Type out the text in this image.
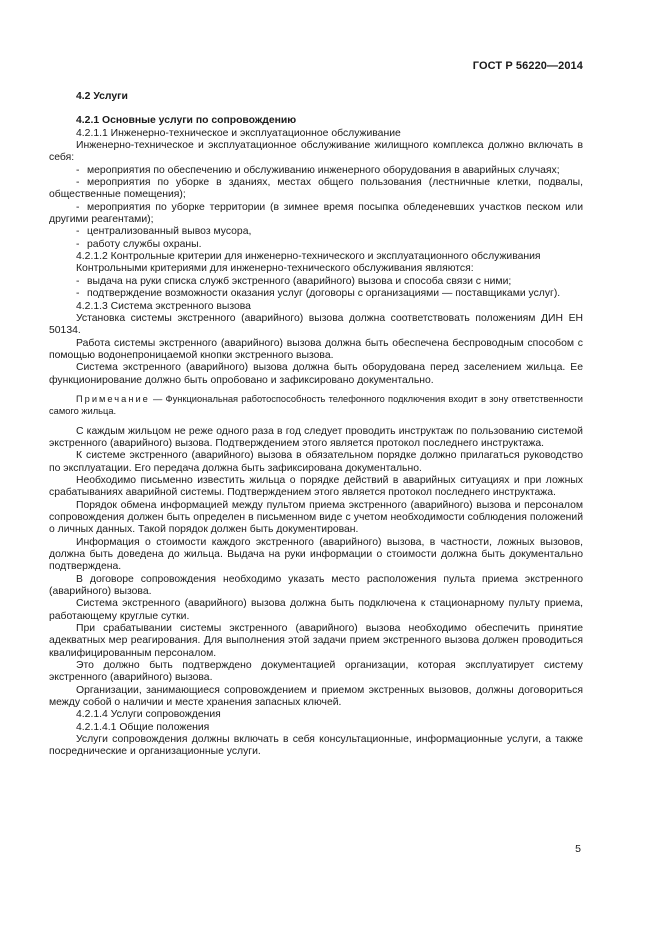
ГОСТ Р 56220—2014

4.2 Услуги

4.2.1 Основные услуги по сопровождению

4.2.1.1 Инженерно-техническое и эксплуатационное обслуживание

Инженерно-техническое и эксплуатационное обслуживание жилищного комплекса должно включать в себя:

- мероприятия по обеспечению и обслуживанию инженерного оборудования в аварийных случаях;

- мероприятия по уборке в зданиях, местах общего пользования (лестничные клетки, подвалы, общественные помещения);

- мероприятия по уборке территории (в зимнее время посыпка обледеневших участков песком или другими реагентами);

- централизованный вывоз мусора,

- работу службы охраны.

4.2.1.2 Контрольные критерии для инженерно-технического и эксплуатационного обслуживания

Контрольными критериями для инженерно-технического обслуживания являются:

- выдача на руки списка служб экстренного (аварийного) вызова и способа связи с ними;

- подтверждение возможности оказания услуг (договоры с организациями — поставщиками услуг).

4.2.1.3 Система экстренного вызова

Установка системы экстренного (аварийного) вызова должна соответствовать положениям ДИН ЕН 50134.

Работа системы экстренного (аварийного) вызова должна быть обеспечена беспроводным способом с помощью водонепроницаемой кнопки экстренного вызова.

Система экстренного (аварийного) вызова должна быть оборудована перед заселением жильца. Ее функционирование должно быть опробовано и зафиксировано документально.

Примечание — Функциональная работоспособность телефонного подключения входит в зону ответственности самого жильца.

С каждым жильцом не реже одного раза в год следует проводить инструктаж по пользованию системой экстренного (аварийного) вызова. Подтверждением этого является протокол последнего инструктажа.

К системе экстренного (аварийного) вызова в обязательном порядке должно прилагаться руководство по эксплуатации. Его передача должна быть зафиксирована документально.

Необходимо письменно известить жильца о порядке действий в аварийных ситуациях и при ложных срабатываниях аварийной системы. Подтверждением этого является протокол последнего инструктажа.

Порядок обмена информацией между пультом приема экстренного (аварийного) вызова и персоналом сопровождения должен быть определен в письменном виде с учетом необходимости соблюдения положений о личных данных. Такой порядок должен быть документирован.

Информация о стоимости каждого экстренного (аварийного) вызова, в частности, ложных вызовов, должна быть доведена до жильца. Выдача на руки информации о стоимости должна быть документально подтверждена.

В договоре сопровождения необходимо указать место расположения пульта приема экстренного (аварийного) вызова.

Система экстренного (аварийного) вызова должна быть подключена к стационарному пульту приема, работающему круглые сутки.

При срабатывании системы экстренного (аварийного) вызова необходимо обеспечить принятие адекватных мер реагирования. Для выполнения этой задачи прием экстренного вызова должен проводиться квалифицированным персоналом.

Это должно быть подтверждено документацией организации, которая эксплуатирует систему экстренного (аварийного) вызова.

Организации, занимающиеся сопровождением и приемом экстренных вызовов, должны договориться между собой о наличии и месте хранения запасных ключей.

4.2.1.4 Услуги сопровождения

4.2.1.4.1 Общие положения

Услуги сопровождения должны включать в себя консультационные, информационные услуги, а также посреднические и организационные услуги.

5
